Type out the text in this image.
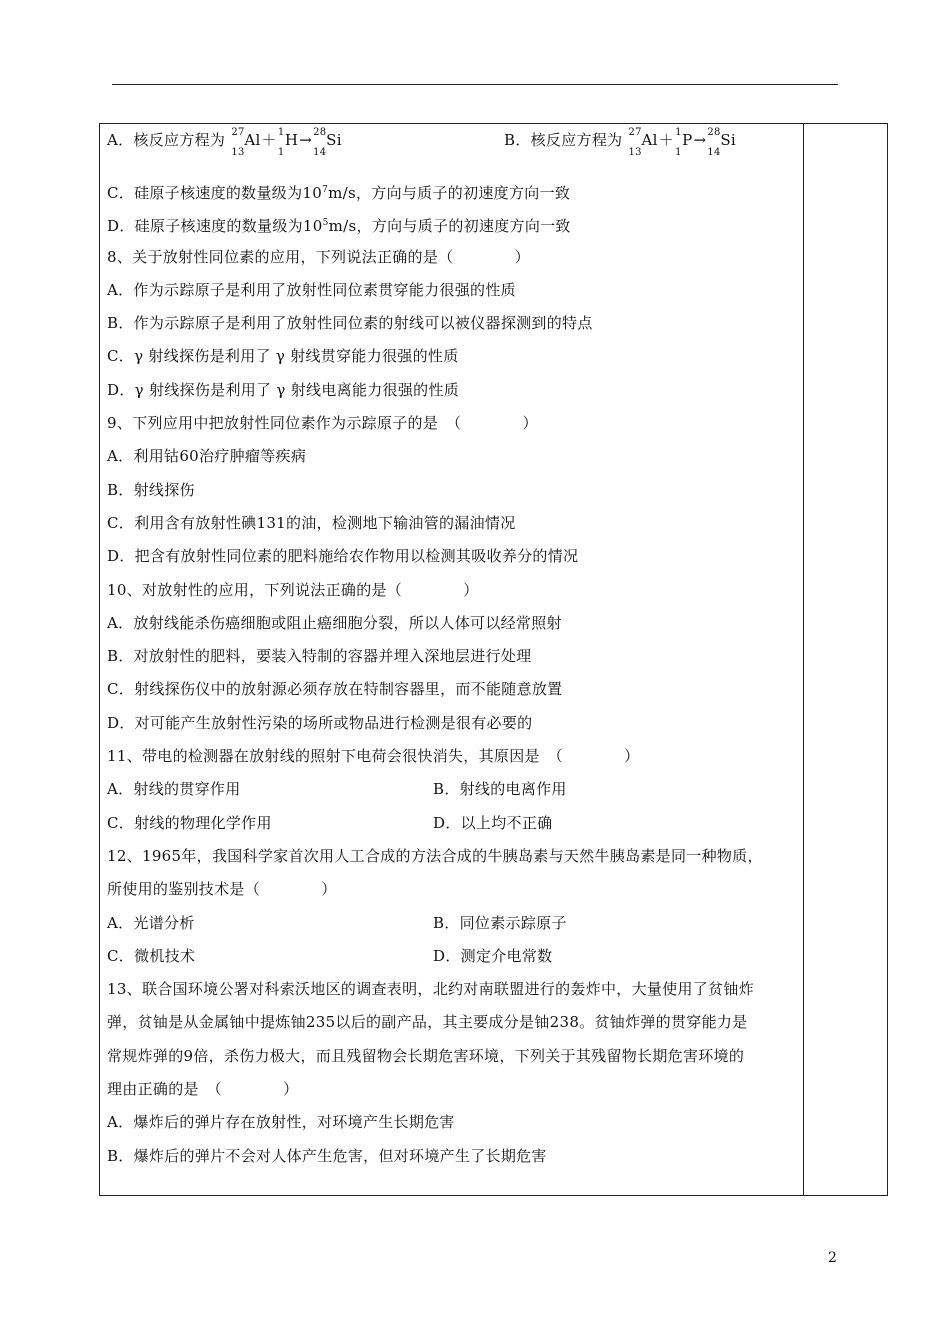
A．核反应方程为 27
13
Al＋ 1
1
H→ 28
14
Si	B．核反应方程为 27
13
Al＋ 1
1
P→ 28
14
Si
C．硅原子核速度的数量级为$10^7m/s$，方向与质子的初速度方向一致
D．硅原子核速度的数量级为$10^5m/s$，方向与质子的初速度方向一致
8、关于放射性同位素的应用，下列说法正确的是（　　　　）
A．作为示踪原子是利用了放射性同位素贯穿能力很强的性质
B．作为示踪原子是利用了放射性同位素的射线可以被仪器探测到的特点
C．γ 射线探伤是利用了 γ 射线贯穿能力很强的性质
D．γ 射线探伤是利用了 γ 射线电离能力很强的性质
9、下列应用中把放射性同位素作为示踪原子的是　（　　　　）
A．利用钴60治疗肿瘤等疾病
B．射线探伤
C．利用含有放射性碘131的油，检测地下输油管的漏油情况
D．把含有放射性同位素的肥料施给农作物用以检测其吸收养分的情况
10、对放射性的应用，下列说法正确的是（　　　　）
A．放射线能杀伤癌细胞或阻止癌细胞分裂，所以人体可以经常照射
B．对放射性的肥料，要装入特制的容器并埋入深地层进行处理
C．射线探伤仪中的放射源必须存放在特制容器里，而不能随意放置
D．对可能产生放射性污染的场所或物品进行检测是很有必要的
11、带电的检测器在放射线的照射下电荷会很快消失，其原因是　（　　　　）
A．射线的贯穿作用	B．射线的电离作用
C．射线的物理化学作用	D．以上均不正确
12、1965年，我国科学家首次用人工合成的方法合成的牛胰岛素与天然牛胰岛素是同一种物质，
所使用的鉴别技术是（　　　　）
A．光谱分析	B．同位素示踪原子
C．微机技术	D．测定介电常数
13、联合国环境公署对科索沃地区的调查表明，北约对南联盟进行的轰炸中，大量使用了贫铀炸
弹，贫铀是从金属铀中提炼铀235以后的副产品，其主要成分是铀238。贫铀炸弹的贯穿能力是
常规炸弹的9倍，杀伤力极大，而且残留物会长期危害环境，下列关于其残留物长期危害环境的
理由正确的是　（　　　　）
A．爆炸后的弹片存在放射性，对环境产生长期危害
B．爆炸后的弹片不会对人体产生危害，但对环境产生了长期危害
2
